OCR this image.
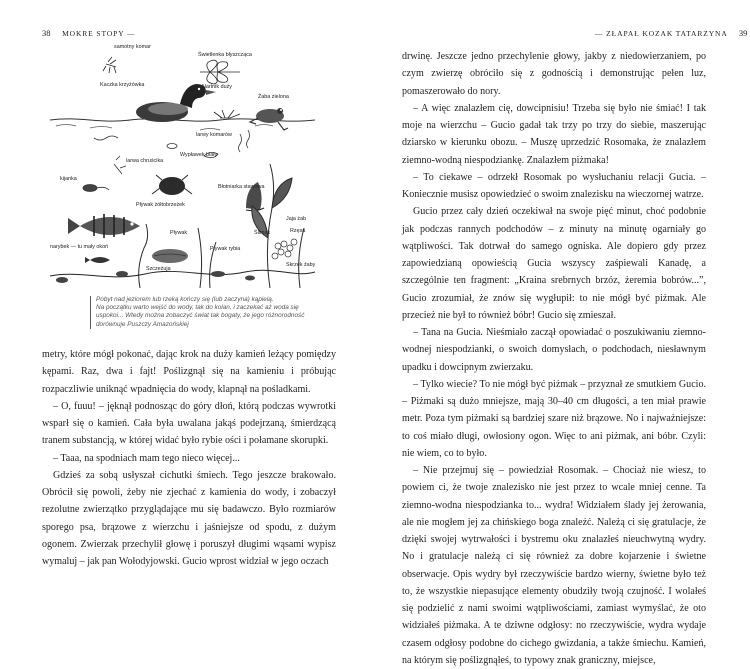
38 MOKRE STOPY —
samotny komar
Świetlenka błyszcząca
Kaczka krzyżówka	Nartnik duży
Żaba zielona
larwy komarów
Wypławek biały
larwa chruścika
kijanka
Pływak żółtobrzeżek
Błotniarka stawowa
Ślimak	Rzęsa
Jaja żab
Skrzek żaby
narybek — tu mały okoń
Pływak
Szczeżuja
Pływak rybia

Pobyt nad jeziorem lub rzeką kończy się (lub zaczyna) kąpielą.

Na początku warto wejść do wody, tak do kolan, i zaczekać aż woda się

uspokoi... Wtedy można zobaczyć świat tak bogaty, że jego różnorodność

dorównuje Puszczy Amazońskiej

metry, które mógł pokonać, dając krok na duży kamień leżący pomiędzy kępami. Raz, dwa i fajt! Poślizgnął się na kamieniu i próbując rozpaczliwie uniknąć wpadnięcia do wody, klapnął na pośladkami.

– O, fuuu! – jęknął podnosząc do góry dłoń, którą podczas wywrotki wsparł się o kamień. Cała była uwalana jakąś podejrzaną, śmierdzącą tranem substancją, w której widać było rybie ości i połamane skorupki.

– Taaa, na spodniach mam tego nieco więcej...

Gdzieś za sobą usłyszał cichutki śmiech. Tego jeszcze brakowało. Obrócił się powoli, żeby nie zjechać z kamienia do wody, i zobaczył rezolutne zwierzątko przyglądające mu się badawczo. Było rozmiarów sporego psa, brązowe z wierzchu i jaśniejsze od spodu, z dużym ogonem. Zwierzak przechylił głowę i poruszył długimi wąsami wypisz wymaluj – jak pan Wołodyjowski. Gucio wprost widział w jego oczach

— ZŁAPAŁ KOZAK TATARZYNA 39

drwinę. Jeszcze jedno przechylenie głowy, jakby z niedowierzaniem, po czym zwierzę obróciło się z godnością i demonstrując pełen luz, pomaszerowało do nory.

– A więc znalazłem cię, dowcipnisiu! Trzeba się było nie śmiać! I tak moje na wierzchu – Gucio gadał tak trzy po trzy do siebie, maszerując dziarsko w kierunku obozu. – Muszę uprzedzić Rosomaka, że znalazłem ziemno-wodną niespodziankę. Znalazłem piżmaka!

– To ciekawe – odrzekł Rosomak po wysłuchaniu relacji Gucia. – Koniecznie musisz opowiedzieć o swoim znalezisku na wieczornej watrze.

Gucio przez cały dzień oczekiwał na swoje pięć minut, choć podobnie jak podczas rannych podchodów – z minuty na minutę ogarniały go wątpliwości. Tak dotrwał do samego ogniska. Ale dopiero gdy przez zapowiedzianą opowieścią Gucia wszyscy zaśpiewali Kanadę, a szczególnie ten fragment: „Kraina srebrnych brzóz, żeremia bobrów...”, Gucio zrozumiał, że znów się wygłupił: to nie mógł być piżmak. Ale przecież nie był to również bóbr! Gucio się zmieszał.

– Tana na Gucia. Nieśmiało zaczął opowiadać o poszukiwaniu ziemno-wodnej niespodzianki, o swoich domysłach, o podchodach, niesławnym upadku i dowcipnym zwierzaku.

– Tylko wiecie? To nie mógł być piżmak – przyznał ze smutkiem Gucio. – Piżmaki są dużo mniejsze, mają 30–40 cm długości, a ten miał prawie metr. Poza tym piżmaki są bardziej szare niż brązowe. No i najważniejsze: to coś miało długi, owłosiony ogon. Więc to ani piżmak, ani bóbr. Czyli: nie wiem, co to było.

– Nie przejmuj się – powiedział Rosomak. – Chociaż nie wiesz, to powiem ci, że twoje znalezisko nie jest przez to wcale mniej cenne. Ta ziemno-wodna niespodzianka to... wydra! Widziałem ślady jej żerowania, ale nie mogłem jej za chińskiego boga znaleźć. Należą ci się gratulacje, że dzięki swojej wytrwałości i bystremu oku znalazłeś nieuchwytną wydry. No i gratulacje należą ci się również za dobre kojarzenie i świetne obserwacje. Opis wydry był rzeczywiście bardzo wierny, świetne było też to, że wszystkie niepasujące elementy obudziły twoją czujność. I wolałeś się podzielić z nami swoimi wątpliwościami, zamiast wymyślać, że oto widziałeś piżmaka. A te dziwne odgłosy: no rzeczywiście, wydra wydaje czasem odgłosy podobne do cichego gwizdania, a także śmiechu. Kamień, na którym się poślizgnąłeś, to typowy znak graniczny, miejsce,
